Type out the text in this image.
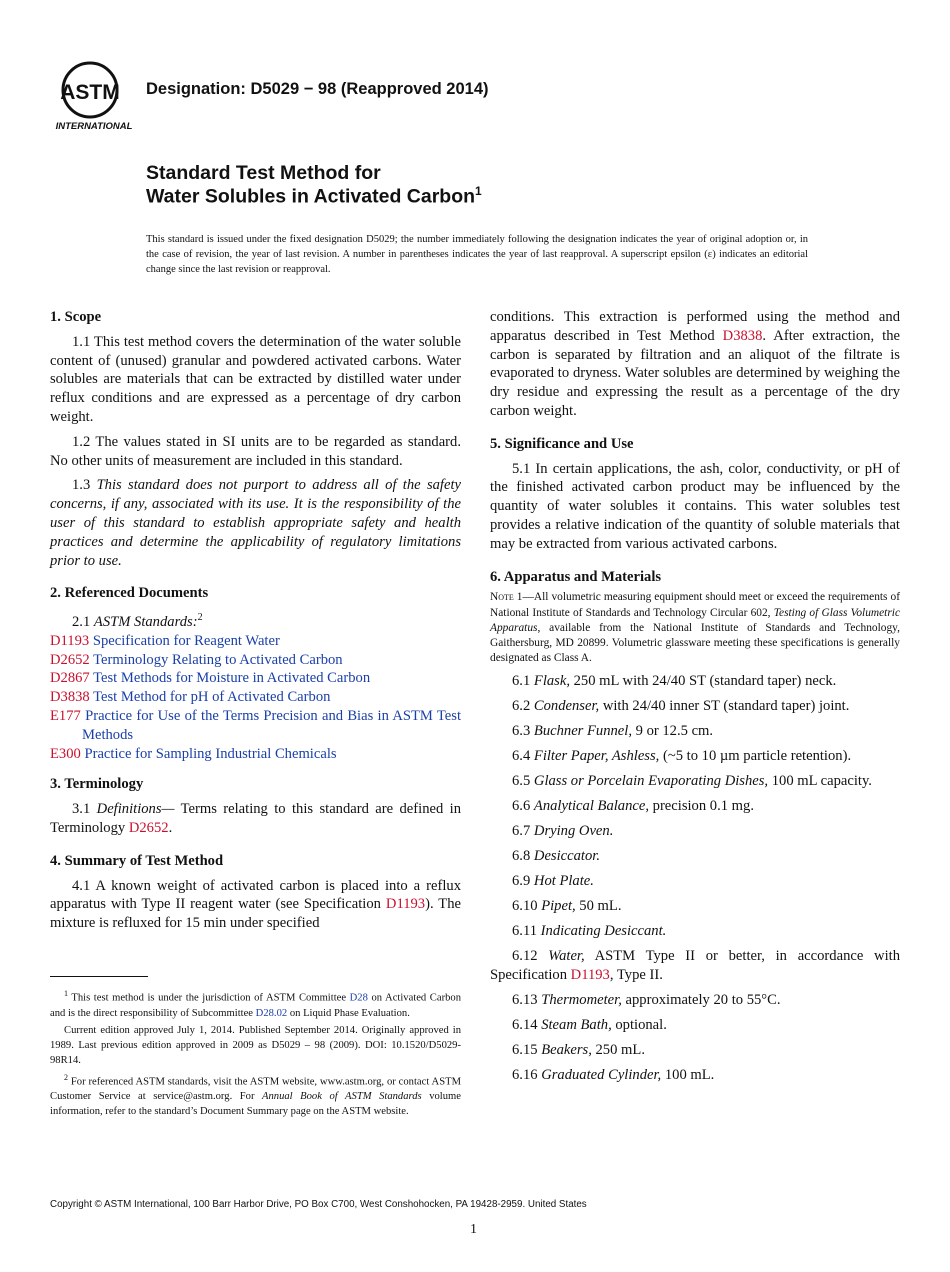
ASTM
INTERNATIONAL
Designation: D5029 − 98 (Reapproved 2014)
Standard Test Method for
Water Solubles in Activated Carbon$^1$
This standard is issued under the fixed designation D5029; the number immediately following the designation indicates the year of original adoption or, in the case of revision, the year of last revision. A number in parentheses indicates the year of last reapproval. A superscript epsilon (ε) indicates an editorial change since the last revision or reapproval.
1. Scope

1.1 This test method covers the determination of the water soluble content of (unused) granular and powdered activated carbons. Water solubles are materials that can be extracted by distilled water under reflux conditions and are expressed as a percentage of dry carbon weight.

1.2 The values stated in SI units are to be regarded as standard. No other units of measurement are included in this standard.

1.3 This standard does not purport to address all of the safety concerns, if any, associated with its use. It is the responsibility of the user of this standard to establish appropriate safety and health practices and determine the applicability of regulatory limitations prior to use.

2. Referenced Documents

2.1 ASTM Standards:$^2$

D1193 Specification for Reagent Water
D2652 Terminology Relating to Activated Carbon
D2867 Test Methods for Moisture in Activated Carbon
D3838 Test Method for pH of Activated Carbon
E177 Practice for Use of the Terms Precision and Bias in ASTM Test Methods
E300 Practice for Sampling Industrial Chemicals
3. Terminology

3.1 Definitions— Terms relating to this standard are defined in Terminology D2652.

4. Summary of Test Method

4.1 A known weight of activated carbon is placed into a reflux apparatus with Type II reagent water (see Specification D1193). The mixture is refluxed for 15 min under specified

$^1$ This test method is under the jurisdiction of ASTM Committee D28 on Activated Carbon and is the direct responsibility of Subcommittee D28.02 on Liquid Phase Evaluation.

Current edition approved July 1, 2014. Published September 2014. Originally approved in 1989. Last previous edition approved in 2009 as D5029 – 98 (2009). DOI: 10.1520/D5029-98R14.

$^2$ For referenced ASTM standards, visit the ASTM website, www.astm.org, or contact ASTM Customer Service at service@astm.org. For Annual Book of ASTM Standards volume information, refer to the standard’s Document Summary page on the ASTM website.

conditions. This extraction is performed using the method and apparatus described in Test Method D3838. After extraction, the carbon is separated by filtration and an aliquot of the filtrate is evaporated to dryness. Water solubles are determined by weighing the dry residue and expressing the result as a percentage of the dry carbon weight.

5. Significance and Use

5.1 In certain applications, the ash, color, conductivity, or pH of the finished activated carbon product may be influenced by the quantity of water solubles it contains. This water solubles test provides a relative indication of the quantity of soluble materials that may be extracted from various activated carbons.

6. Apparatus and Materials
Note 1—All volumetric measuring equipment should meet or exceed the requirements of National Institute of Standards and Technology Circular 602, Testing of Glass Volumetric Apparatus, available from the National Institute of Standards and Technology, Gaithersburg, MD 20899. Volumetric glassware meeting these specifications is generally designated as Class A.
6.1 Flask, 250 mL with 24/40 ST (standard taper) neck.
6.2 Condenser, with 24/40 inner ST (standard taper) joint.
6.3 Buchner Funnel, 9 or 12.5 cm.
6.4 Filter Paper, Ashless, (~5 to 10 µm particle retention).
6.5 Glass or Porcelain Evaporating Dishes, 100 mL capacity.
6.6 Analytical Balance, precision 0.1 mg.
6.7 Drying Oven.
6.8 Desiccator.
6.9 Hot Plate.
6.10 Pipet, 50 mL.
6.11 Indicating Desiccant.
6.12 Water, ASTM Type II or better, in accordance with Specification D1193, Type II.
6.13 Thermometer, approximately 20 to 55°C.
6.14 Steam Bath, optional.
6.15 Beakers, 250 mL.
6.16 Graduated Cylinder, 100 mL.
Copyright © ASTM International, 100 Barr Harbor Drive, PO Box C700, West Conshohocken, PA 19428-2959. United States
1
